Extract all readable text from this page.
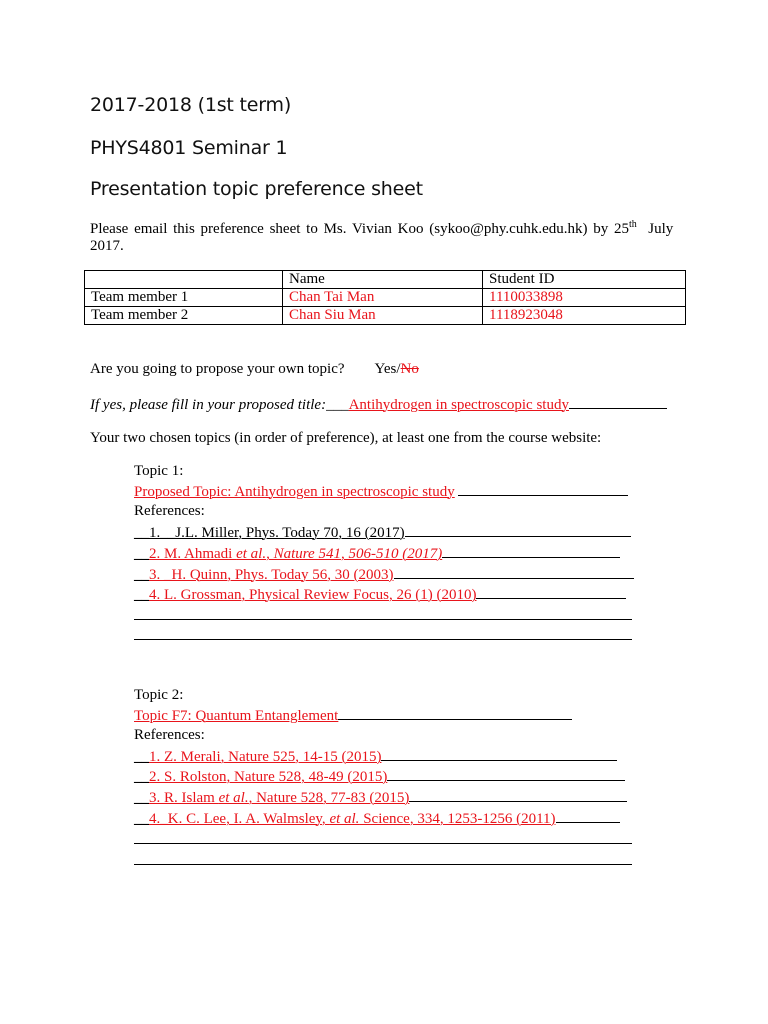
2017-2018 (1st term)
PHYS4801 Seminar 1
Presentation topic preference sheet
Please email this preference sheet to Ms. Vivian Koo (sykoo@phy.cuhk.edu.hk) by 25th July
2017.
	Name	Student ID
Team member 1	Chan Tai Man	1110033898
Team member 2	Chan Siu Man	1118923048
Are you going to propose your own topic? Yes/No
If yes, please fill in your proposed title:___Antihydrogen in spectroscopic study
Your two chosen topics (in order of preference), at least one from the course website:
Topic 1:
Proposed Topic: Antihydrogen in spectroscopic study
References:
__1.__J.L. Miller, Phys. Today 70, 16 (2017)
__2. M. Ahmadi et al., Nature 541, 506-510 (2017)
__3. _H. Quinn, Phys. Today 56, 30 (2003)
__4. L. Grossman, Physical Review Focus, 26 (1) (2010)
Topic 2:
Topic F7: Quantum Entanglement
References:
__1. Z. Merali, Nature 525, 14-15 (2015)
__2. S. Rolston, Nature 528, 48-49 (2015)
__3. R. Islam et al., Nature 528, 77-83 (2015)
__4._K. C. Lee, I. A. Walmsley, et al. Science, 334, 1253-1256 (2011)
